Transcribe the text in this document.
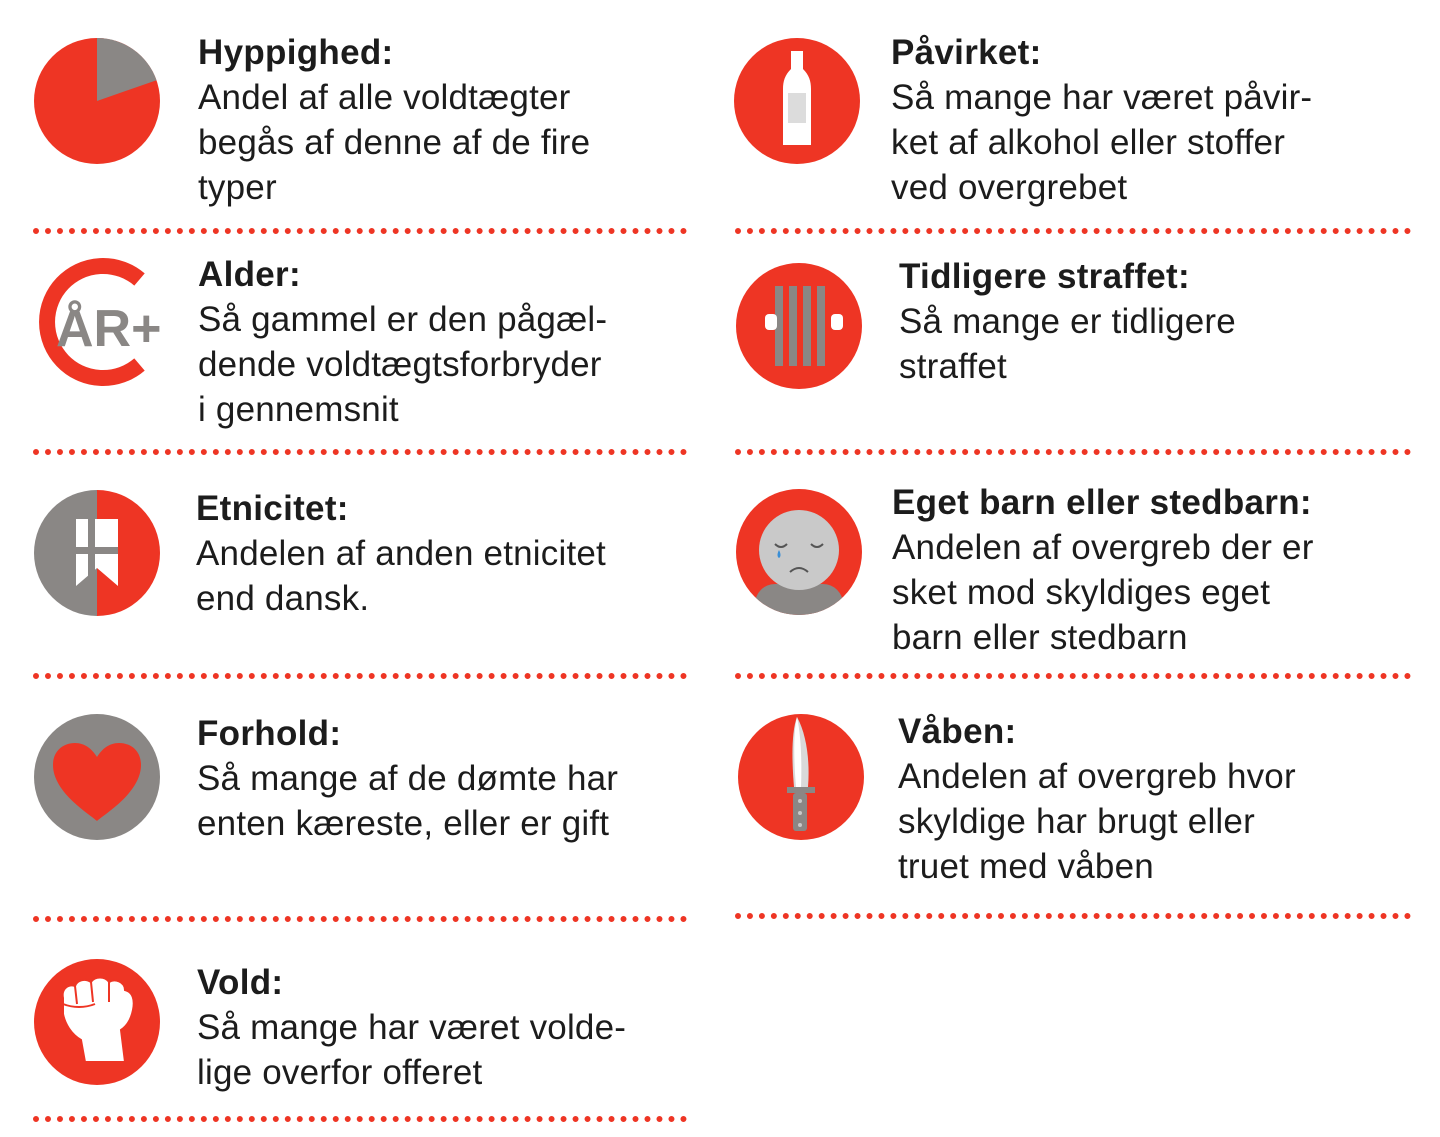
Hyppighed:
Andel af alle voldtægter
begås af denne af de fire
typer
ÅR+
Alder:
Så gammel er den pågæl-
dende voldtægtsforbryder
i gennemsnit
Etnicitet:
Andelen af anden etnicitet
end dansk.
Forhold:
Så mange af de dømte har
enten kæreste, eller er gift
Vold:
Så mange har været volde-
lige overfor offeret
Påvirket:
Så mange har været påvir-
ket af alkohol eller stoffer
ved overgrebet
Tidligere straffet:
Så mange er tidligere
straffet
Eget barn eller stedbarn:
Andelen af overgreb der er
sket mod skyldiges eget
barn eller stedbarn
Våben:
Andelen af overgreb hvor
skyldige har brugt eller
truet med våben
